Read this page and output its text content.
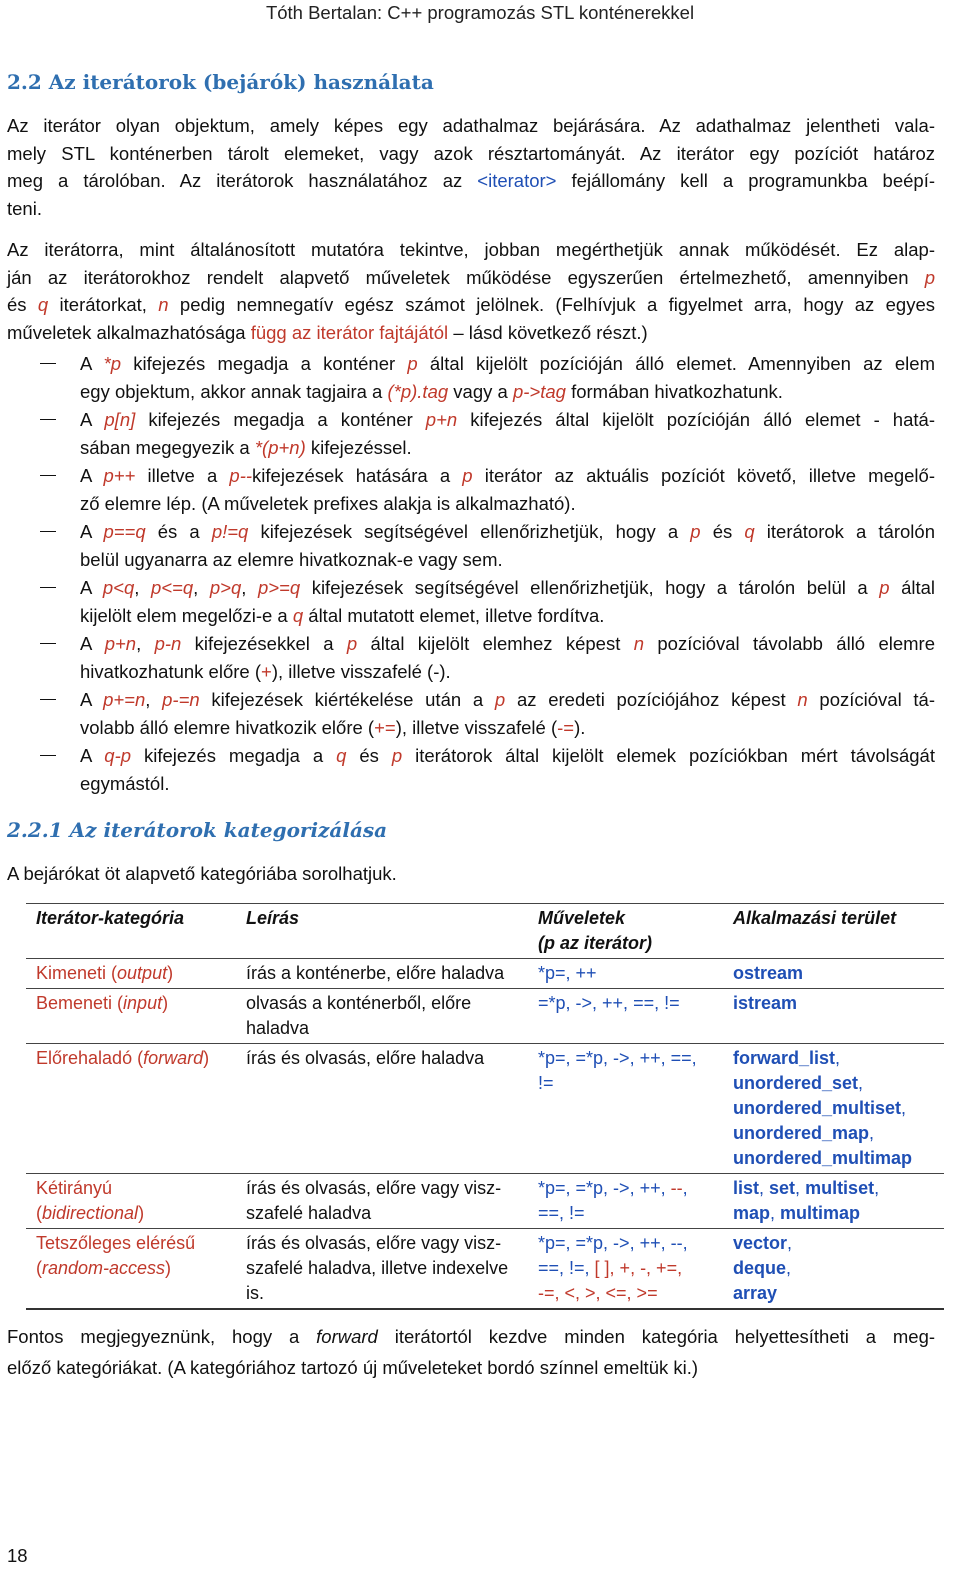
Tóth Bertalan: C++ programozás STL konténerekkel
2.2 Az iterátorok (bejárók) használata
Az iterátor olyan objektum, amely képes egy adathalmaz bejárására. Az adathalmaz jelentheti vala-
mely STL konténerben tárolt elemeket, vagy azok résztartományát. Az iterátor egy pozíciót határoz
meg a tárolóban. Az iterátorok használatához az <iterator> fejállomány kell a programunkba beépí-
teni.
Az iterátorra, mint általánosított mutatóra tekintve, jobban megérthetjük annak működését. Ez alap-
ján az iterátorokhoz rendelt alapvető műveletek működése egyszerűen értelmezhető, amennyiben p
és q iterátorkat, n pedig nemnegatív egész számot jelölnek. (Felhívjuk a figyelmet arra, hogy az egyes
műveletek alkalmazhatósága függ az iterátor fajtájától – lásd következő részt.)
A *p kifejezés megadja a konténer p által kijelölt pozícióján álló elemet. Amennyiben az elem
egy objektum, akkor annak tagjaira a (*p).tag vagy a p->tag formában hivatkozhatunk.
A p[n] kifejezés megadja a konténer p+n kifejezés által kijelölt pozícióján álló elemet - hatá-
sában megegyezik a *(p+n) kifejezéssel.
A p++ illetve a p--kifejezések hatására a p iterátor az aktuális pozíciót követő, illetve megelő-
ző elemre lép. (A műveletek prefixes alakja is alkalmazható).
A p==q és a p!=q kifejezések segítségével ellenőrizhetjük, hogy a p és q iterátorok a tárolón
belül ugyanarra az elemre hivatkoznak-e vagy sem.
A p<q, p<=q, p>q, p>=q kifejezések segítségével ellenőrizhetjük, hogy a tárolón belül a p által
kijelölt elem megelőzi-e a q által mutatott elemet, illetve fordítva.
A p+n, p-n kifejezésekkel a p által kijelölt elemhez képest n pozícióval távolabb álló elemre
hivatkozhatunk előre (+), illetve visszafelé (-).
A p+=n, p-=n kifejezések kiértékelése után a p az eredeti pozíciójához képest n pozícióval tá-
volabb álló elemre hivatkozik előre (+=), illetve visszafelé (-=).
A q-p kifejezés megadja a q és p iterátorok által kijelölt elemek pozíciókban mért távolságát
egymástól.
2.2.1 Az iterátorok kategorizálása
A bejárókat öt alapvető kategóriába sorolhatjuk.
Iterátor-kategória	Leírás	Műveletek
(p az iterátor)	Alkalmazási terület
Kimeneti (output)	írás a konténerbe, előre haladva	*p=, ++	ostream
Bemeneti (input)	olvasás a konténerből, előre
haladva	=*p, ->, ++, ==, !=	istream
Előrehaladó (forward)	írás és olvasás, előre haladva	*p=, =*p, ->, ++, ==,
!=	forward_list,
unordered_set,
unordered_multiset,
unordered_map,
unordered_multimap
Kétirányú
(bidirectional)	írás és olvasás, előre vagy visz-
szafelé haladva	*p=, =*p, ->, ++, --,
==, !=	list, set, multiset,
map, multimap
Tetszőleges elérésű
(random-access)	írás és olvasás, előre vagy visz-
szafelé haladva, illetve indexelve
is.	*p=, =*p, ->, ++, --,
==, !=, [ ], +, -, +=,
-=, <, >, <=, >=	vector,
deque,
array
Fontos megjegyeznünk, hogy a forward iterátortól kezdve minden kategória helyettesítheti a meg-
előző kategóriákat. (A kategóriához tartozó új műveleteket bordó színnel emeltük ki.)
18
